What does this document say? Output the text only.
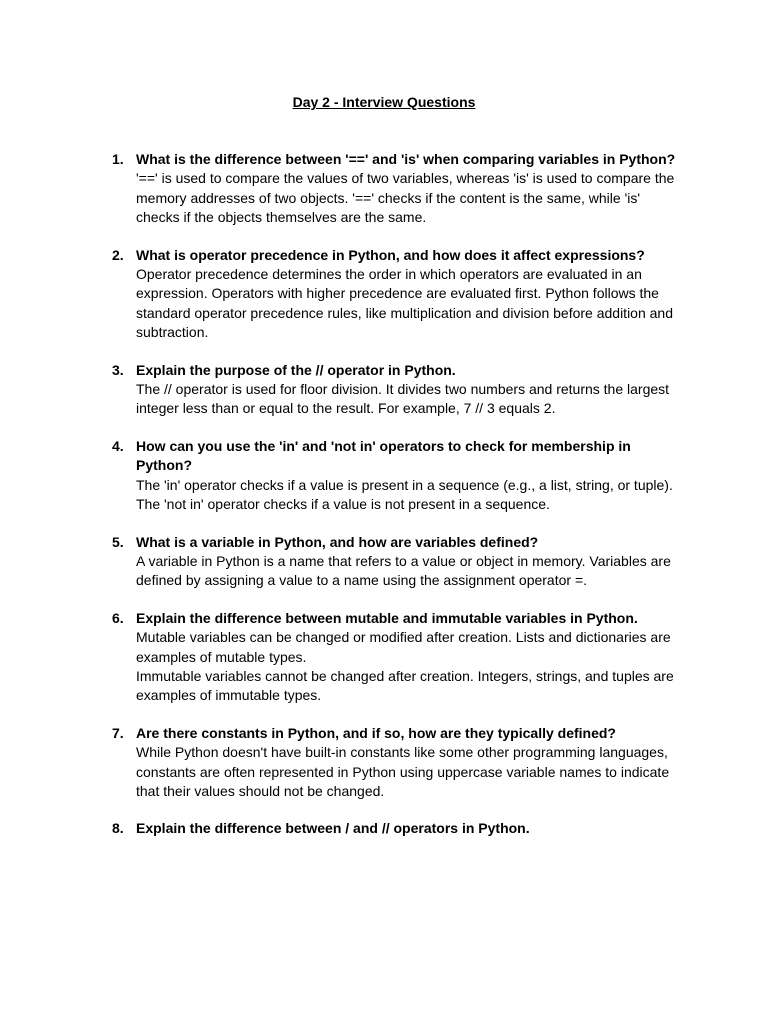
Day 2 - Interview Questions
1. What is the difference between '==' and 'is' when comparing variables in Python?
'==' is used to compare the values of two variables, whereas 'is' is used to compare the memory addresses of two objects. '==' checks if the content is the same, while 'is' checks if the objects themselves are the same.
2. What is operator precedence in Python, and how does it affect expressions?
Operator precedence determines the order in which operators are evaluated in an expression. Operators with higher precedence are evaluated first. Python follows the standard operator precedence rules, like multiplication and division before addition and subtraction.
3. Explain the purpose of the // operator in Python.
The // operator is used for floor division. It divides two numbers and returns the largest integer less than or equal to the result. For example, 7 // 3 equals 2.
4. How can you use the 'in' and 'not in' operators to check for membership in Python?
The 'in' operator checks if a value is present in a sequence (e.g., a list, string, or tuple).
The 'not in' operator checks if a value is not present in a sequence.
5. What is a variable in Python, and how are variables defined?
A variable in Python is a name that refers to a value or object in memory. Variables are defined by assigning a value to a name using the assignment operator =.
6. Explain the difference between mutable and immutable variables in Python.
Mutable variables can be changed or modified after creation. Lists and dictionaries are examples of mutable types.
Immutable variables cannot be changed after creation. Integers, strings, and tuples are examples of immutable types.
7. Are there constants in Python, and if so, how are they typically defined?
While Python doesn't have built-in constants like some other programming languages, constants are often represented in Python using uppercase variable names to indicate that their values should not be changed.
8. Explain the difference between / and // operators in Python.
